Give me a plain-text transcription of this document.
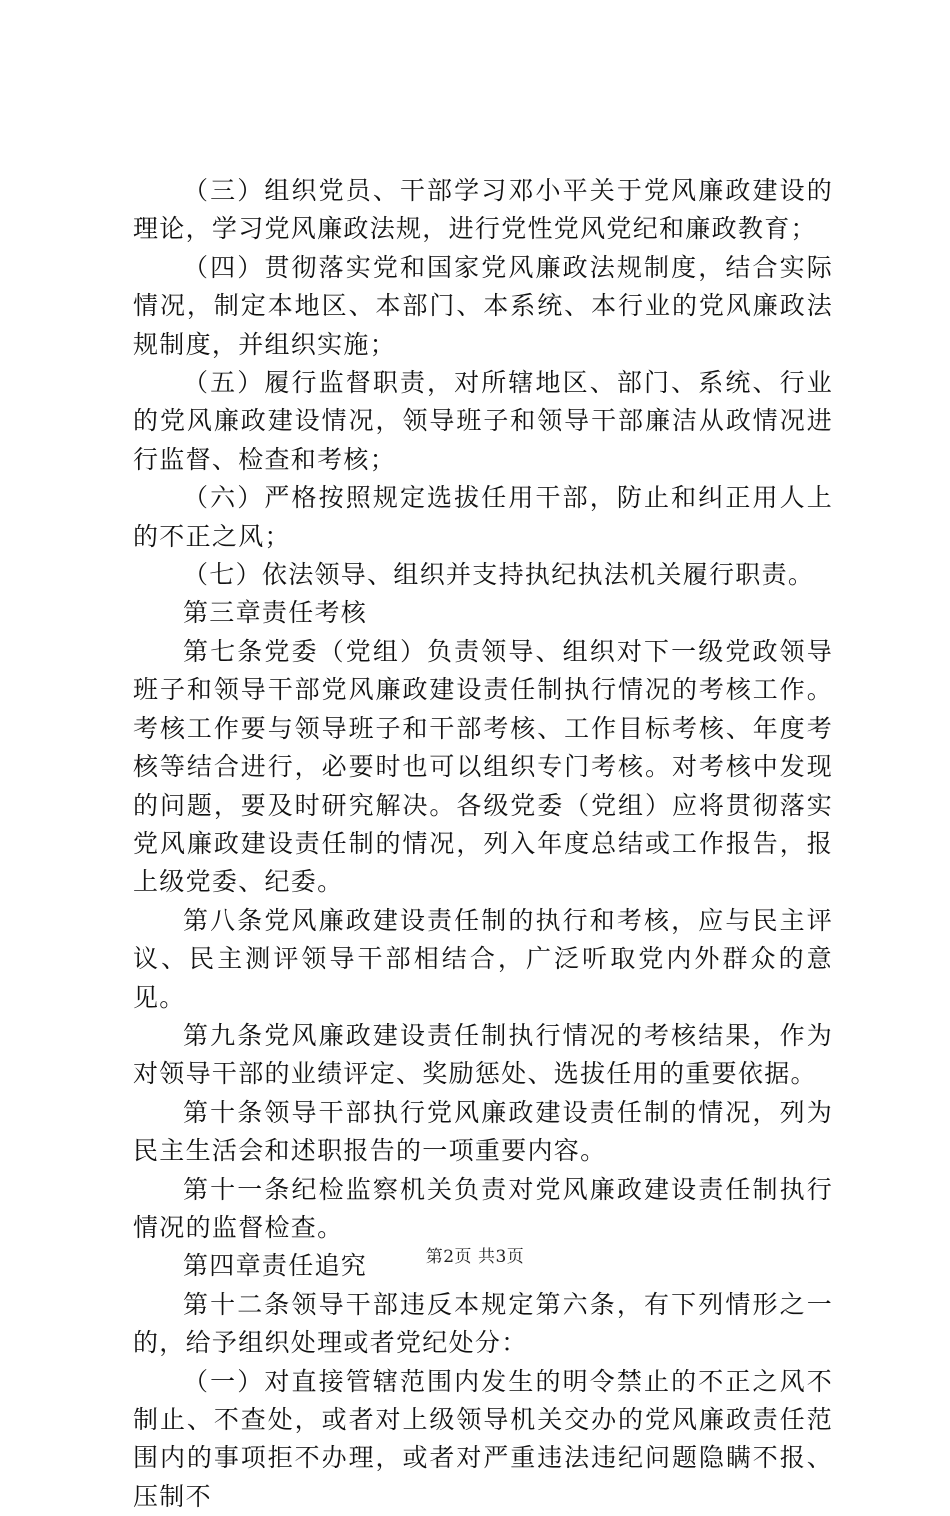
（三）组织党员、干部学习邓小平关于党风廉政建设的理论，学习党风廉政法规，进行党性党风党纪和廉政教育；

（四）贯彻落实党和国家党风廉政法规制度，结合实际情况，制定本地区、本部门、本系统、本行业的党风廉政法规制度，并组织实施；

（五）履行监督职责，对所辖地区、部门、系统、行业的党风廉政建设情况，领导班子和领导干部廉洁从政情况进行监督、检查和考核；

（六）严格按照规定选拔任用干部，防止和纠正用人上的不正之风；

（七）依法领导、组织并支持执纪执法机关履行职责。

第三章责任考核

第七条党委（党组）负责领导、组织对下一级党政领导班子和领导干部党风廉政建设责任制执行情况的考核工作。考核工作要与领导班子和干部考核、工作目标考核、年度考核等结合进行，必要时也可以组织专门考核。对考核中发现的问题，要及时研究解决。各级党委（党组）应将贯彻落实党风廉政建设责任制的情况，列入年度总结或工作报告，报上级党委、纪委。

第八条党风廉政建设责任制的执行和考核，应与民主评议、民主测评领导干部相结合，广泛听取党内外群众的意见。

第九条党风廉政建设责任制执行情况的考核结果，作为对领导干部的业绩评定、奖励惩处、选拔任用的重要依据。

第十条领导干部执行党风廉政建设责任制的情况，列为民主生活会和述职报告的一项重要内容。

第十一条纪检监察机关负责对党风廉政建设责任制执行情况的监督检查。

第四章责任追究

第十二条领导干部违反本规定第六条，有下列情形之一的，给予组织处理或者党纪处分：

（一）对直接管辖范围内发生的明令禁止的不正之风不制止、不查处，或者对上级领导机关交办的党风廉政责任范围内的事项拒不办理，或者对严重违法违纪问题隐瞒不报、压制不

第2页 共3页
